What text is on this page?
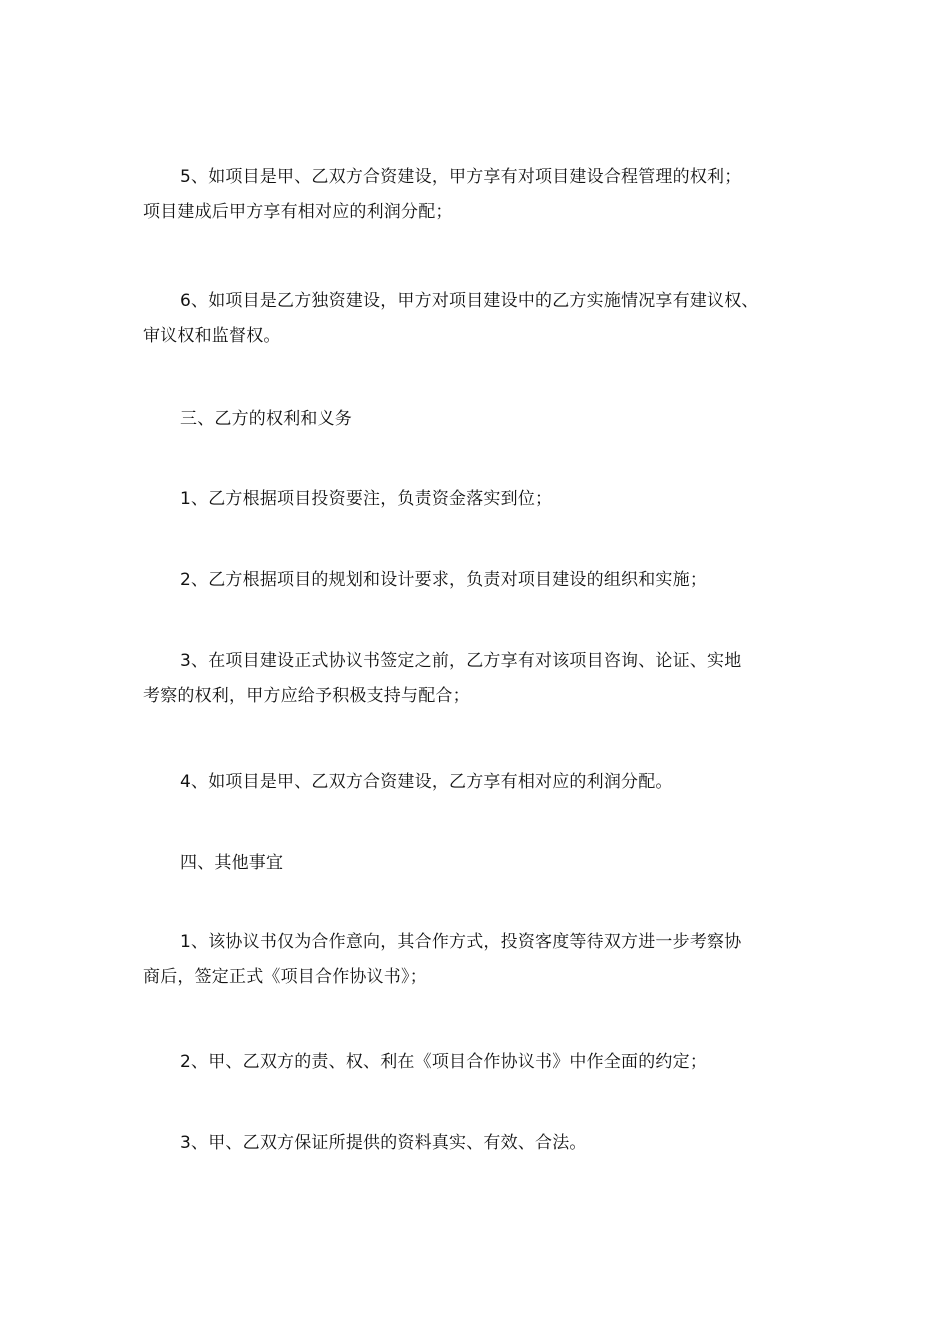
5、如项目是甲、乙双方合资建设，甲方享有对项目建设合程管理的权利；
项目建成后甲方享有相对应的利润分配；
6、如项目是乙方独资建设，甲方对项目建设中的乙方实施情况享有建议权、
审议权和监督权。
三、乙方的权利和义务
1、乙方根据项目投资要注，负责资金落实到位；
2、乙方根据项目的规划和设计要求，负责对项目建设的组织和实施；
3、在项目建设正式协议书签定之前，乙方享有对该项目咨询、论证、实地
考察的权利，甲方应给予积极支持与配合；
4、如项目是甲、乙双方合资建设，乙方享有相对应的利润分配。
四、其他事宜
1、该协议书仅为合作意向，其合作方式，投资客度等待双方进一步考察协
商后，签定正式《项目合作协议书》；
2、甲、乙双方的责、权、利在《项目合作协议书》中作全面的约定；
3、甲、乙双方保证所提供的资料真实、有效、合法。
